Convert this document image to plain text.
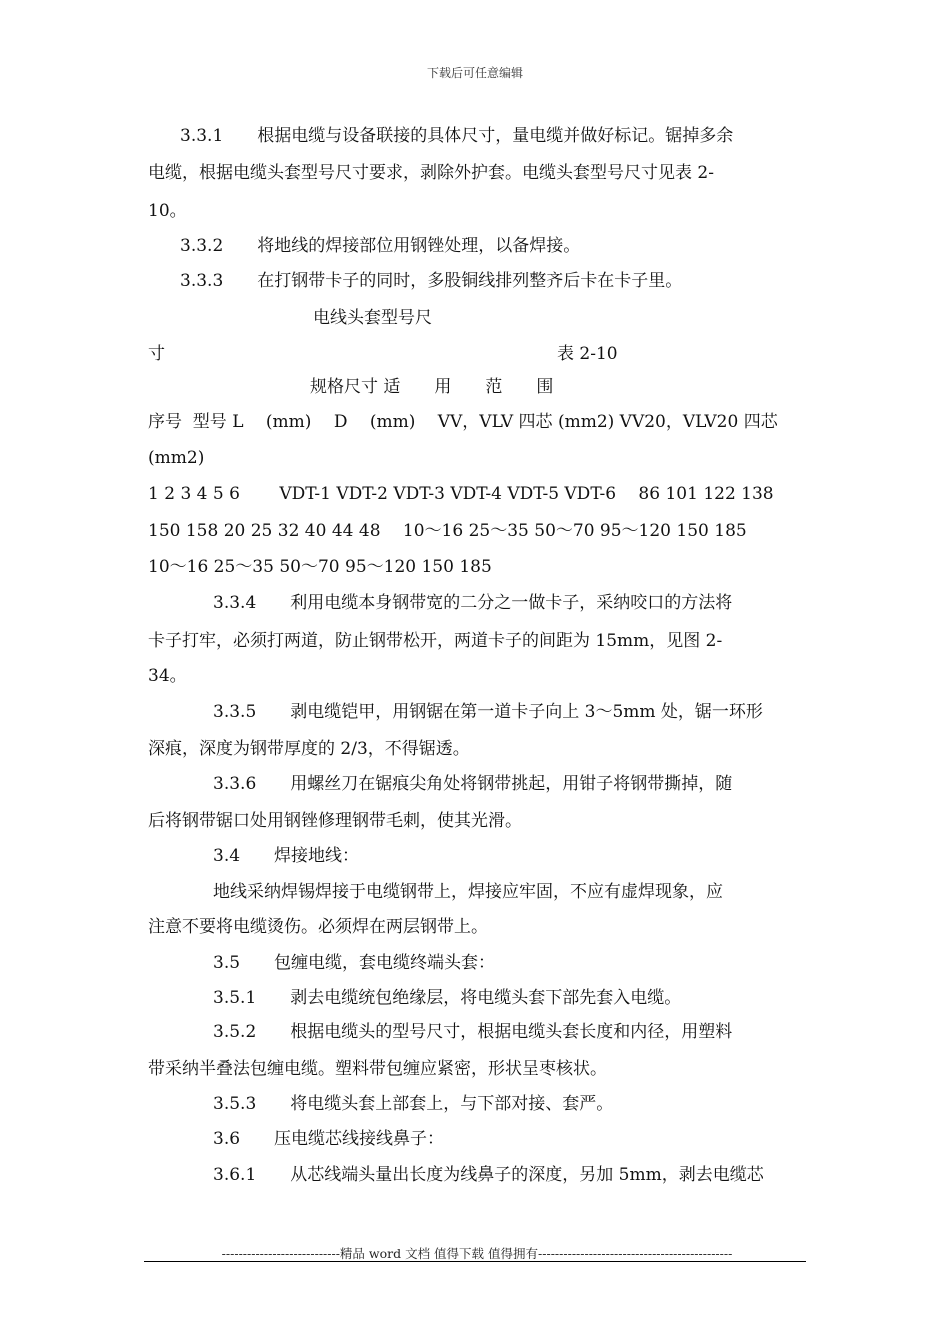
下载后可任意编辑
3.3.1　　根据电缆与设备联接的具体尺寸，量电缆并做好标记。锯掉多余
电缆，根据电缆头套型号尺寸要求，剥除外护套。电缆头套型号尺寸见表 2-
10。
3.3.2　　将地线的焊接部位用钢锉处理，以备焊接。
3.3.3　　在打钢带卡子的同时，多股铜线排列整齐后卡在卡子里。
电线头套型号尺
寸	表 2-10
规格尺寸 适　　用　　范　　围
序号  型号 L　 (mm)　 D　 (mm)　 VV，VLV 四芯 (mm2) VV20，VLV20 四芯
(mm2)
1 2 3 4 5 6　　 VDT-1 VDT-2 VDT-3 VDT-4 VDT-5 VDT-6　 86 101 122 138
150 158 20 25 32 40 44 48　 10～16 25～35 50～70 95～120 150 185
10～16 25～35 50～70 95～120 150 185
3.3.4　　利用电缆本身钢带宽的二分之一做卡子，采纳咬口的方法将
卡子打牢，必须打两道，防止钢带松开，两道卡子的间距为 15mm，见图 2-
34。
3.3.5　　剥电缆铠甲，用钢锯在第一道卡子向上 3～5mm 处，锯一环形
深痕，深度为钢带厚度的 2/3，不得锯透。
3.3.6　　用螺丝刀在锯痕尖角处将钢带挑起，用钳子将钢带撕掉，随
后将钢带锯口处用钢锉修理钢带毛刺，使其光滑。
3.4　　焊接地线：
地线采纳焊锡焊接于电缆钢带上，焊接应牢固，不应有虚焊现象，应
注意不要将电缆烫伤。必须焊在两层钢带上。
3.5　　包缠电缆，套电缆终端头套：
3.5.1　　剥去电缆统包绝缘层，将电缆头套下部先套入电缆。
3.5.2　　根据电缆头的型号尺寸，根据电缆头套长度和内径，用塑料
带采纳半叠法包缠电缆。塑料带包缠应紧密，形状呈枣核状。
3.5.3　　将电缆头套上部套上，与下部对接、套严。
3.6　　压电缆芯线接线鼻子：
3.6.1　　从芯线端头量出长度为线鼻子的深度，另加 5mm，剥去电缆芯
----------------------------精品 word 文档 值得下载 值得拥有----------------------------------------------
